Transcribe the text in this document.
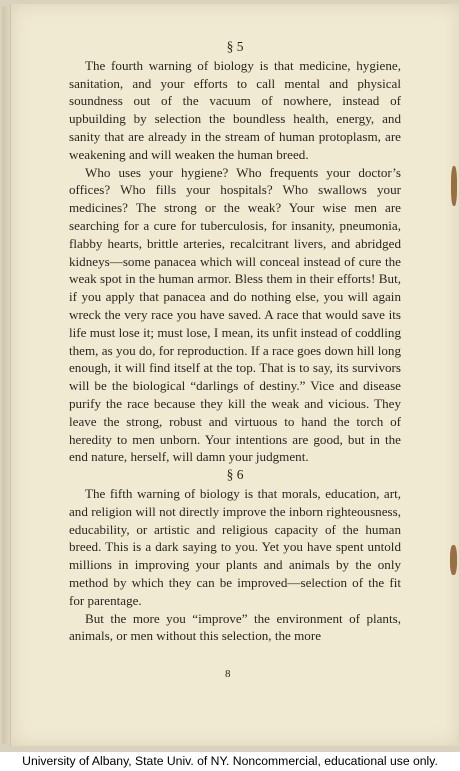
§ 5

The fourth warning of biology is that medicine, hygiene, sanitation, and your efforts to call mental and physical soundness out of the vacuum of nowhere, instead of upbuilding by selection the boundless health, energy, and sanity that are already in the stream of human protoplasm, are weakening and will weaken the human breed.

Who uses your hygiene? Who frequents your doctor’s offices? Who fills your hospitals? Who swallows your medicines? The strong or the weak? Your wise men are searching for a cure for tuberculosis, for insanity, pneumonia, flabby hearts, brittle arteries, recalcitrant livers, and abridged kidneys—some panacea which will conceal instead of cure the weak spot in the human armor. Bless them in their efforts! But, if you apply that panacea and do nothing else, you will again wreck the very race you have saved. A race that would save its life must lose it; must lose, I mean, its unfit instead of coddling them, as you do, for reproduction. If a race goes down hill long enough, it will find itself at the top. That is to say, its survivors will be the biological “darlings of destiny.” Vice and disease purify the race because they kill the weak and vicious. They leave the strong, robust and virtuous to hand the torch of heredity to men unborn. Your intentions are good, but in the end nature, herself, will damn your judgment.

§ 6

The fifth warning of biology is that morals, education, art, and religion will not directly improve the inborn righteousness, educability, or artistic and religious capacity of the human breed. This is a dark saying to you. Yet you have spent untold millions in improving your plants and animals by the only method by which they can be improved—selection of the fit for parentage.

But the more you “improve” the environment of plants, animals, or men without this selection, the more

8
University of Albany, State Univ. of NY. Noncommercial, educational use only.
